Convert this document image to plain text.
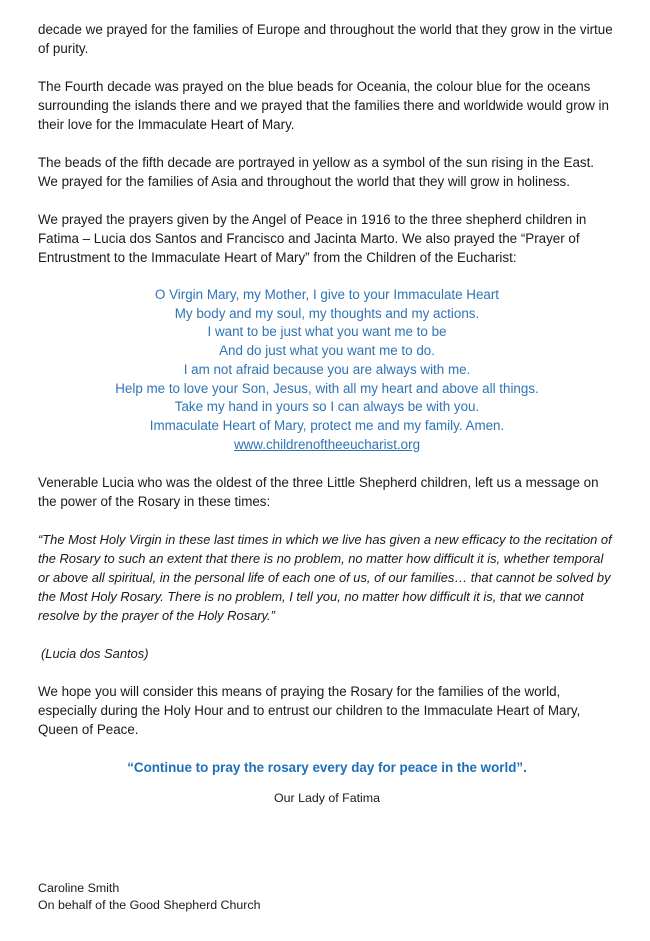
decade we prayed for the families of Europe and throughout the world that they grow in the virtue of purity.

The Fourth decade was prayed on the blue beads for Oceania, the colour blue for the oceans surrounding the islands there and we prayed that the families there and worldwide would grow in their love for the Immaculate Heart of Mary.

The beads of the fifth decade are portrayed in yellow as a symbol of the sun rising in the East. We prayed for the families of Asia and throughout the world that they will grow in holiness.

We prayed the prayers given by the Angel of Peace in 1916 to the three shepherd children in Fatima – Lucia dos Santos and Francisco and Jacinta Marto. We also prayed the “Prayer of Entrustment to the Immaculate Heart of Mary” from the Children of the Eucharist:

O Virgin Mary, my Mother, I give to your Immaculate Heart
My body and my soul, my thoughts and my actions.
I want to be just what you want me to be
And do just what you want me to do.
I am not afraid because you are always with me.
Help me to love your Son, Jesus, with all my heart and above all things.
Take my hand in yours so I can always be with you.
Immaculate Heart of Mary, protect me and my family. Amen.
www.childrenoftheeucharist.org

Venerable Lucia who was the oldest of the three Little Shepherd children, left us a message on the power of the Rosary in these times:

“The Most Holy Virgin in these last times in which we live has given a new efficacy to the recitation of the Rosary to such an extent that there is no problem, no matter how difficult it is, whether temporal or above all spiritual, in the personal life of each one of us, of our families… that cannot be solved by the Most Holy Rosary. There is no problem, I tell you, no matter how difficult it is, that we cannot resolve by the prayer of the Holy Rosary.”

(Lucia dos Santos)

We hope you will consider this means of praying the Rosary for the families of the world, especially during the Holy Hour and to entrust our children to the Immaculate Heart of Mary, Queen of Peace.

“Continue to pray the rosary every day for peace in the world”.

Our Lady of Fatima

Caroline Smith
On behalf of the Good Shepherd Church
